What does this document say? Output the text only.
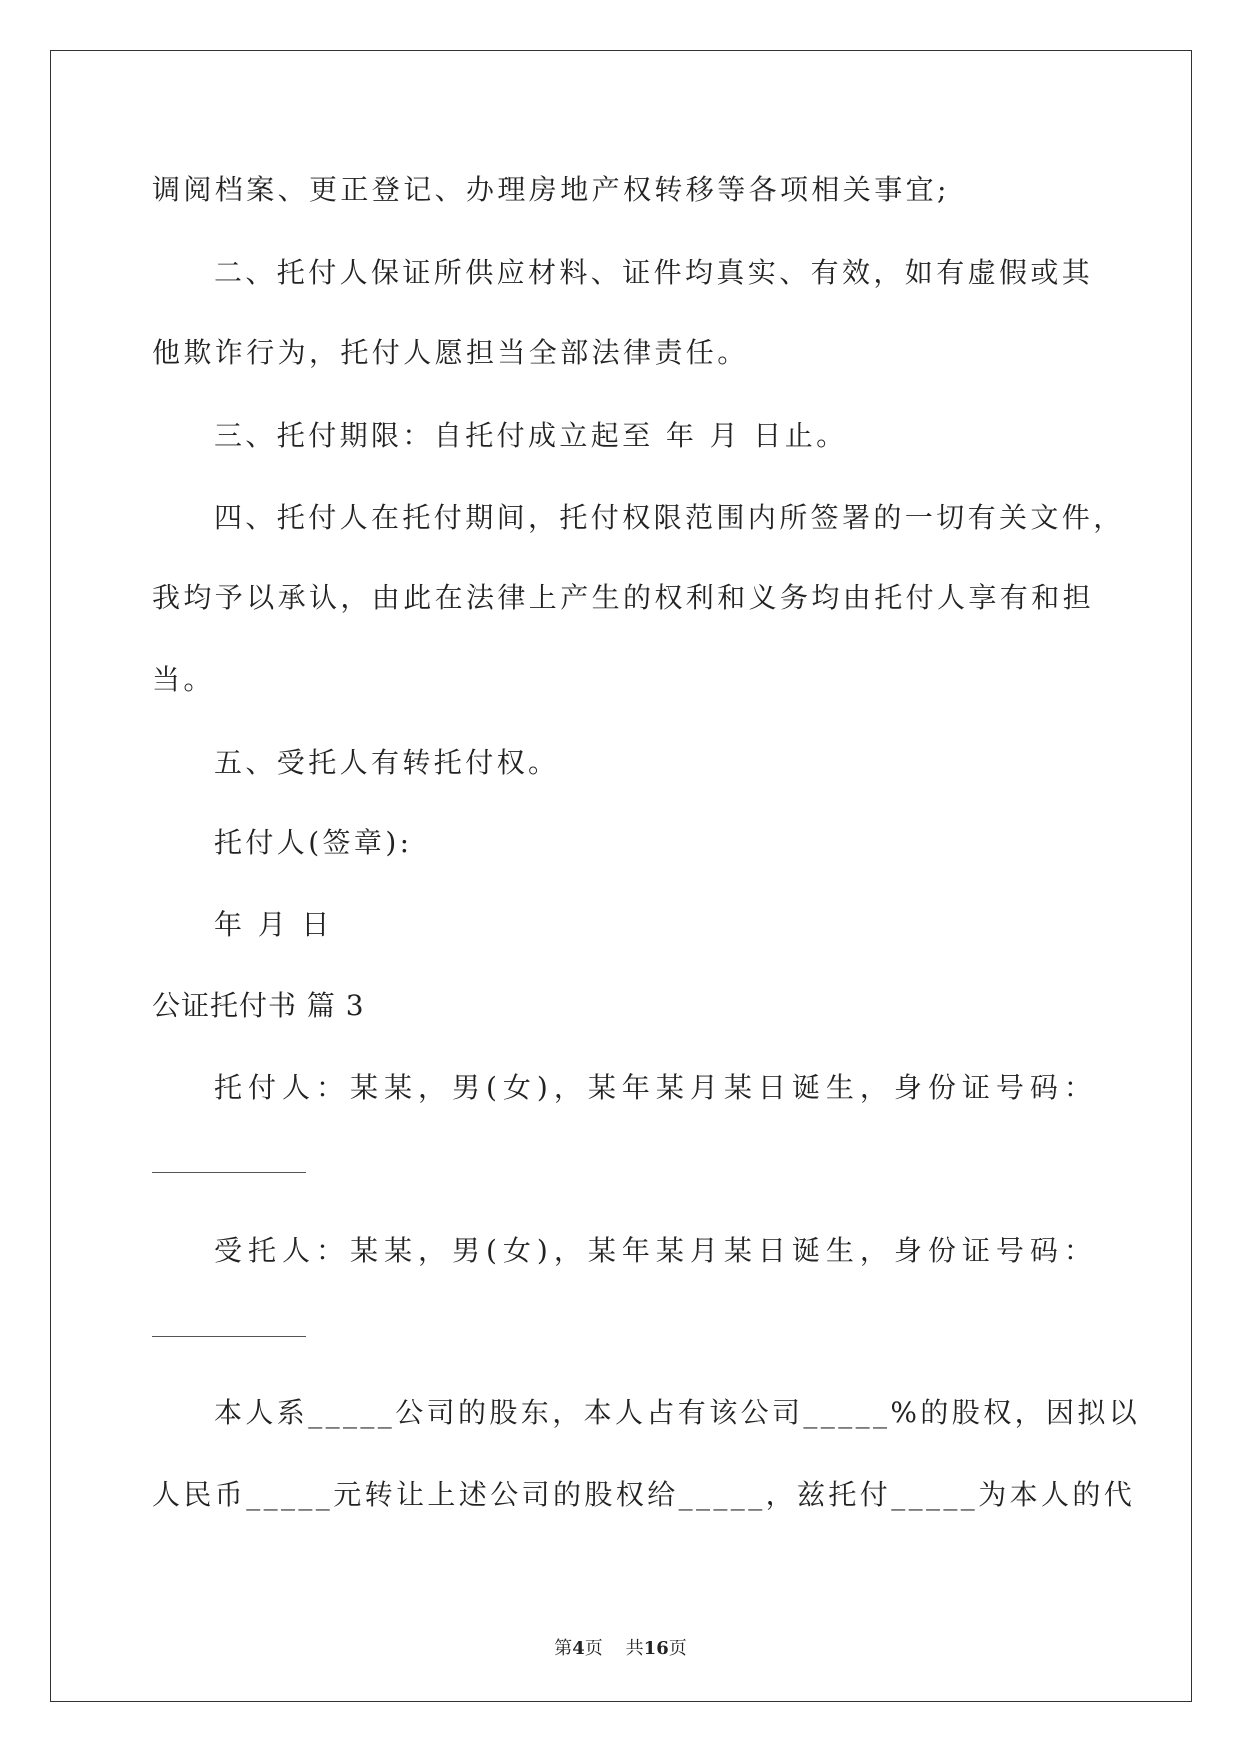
调阅档案、更正登记、办理房地产权转移等各项相关事宜;
二、托付人保证所供应材料、证件均真实、有效，如有虚假或其
他欺诈行为，托付人愿担当全部法律责任。
三、托付期限：自托付成立起至 年 月 日止。
四、托付人在托付期间，托付权限范围内所签署的一切有关文件，
我均予以承认，由此在法律上产生的权利和义务均由托付人享有和担
当。
五、受托人有转托付权。
托付人(签章):
年 月 日
公证托付书 篇 3
托付人：某某，男(女)，某年某月某日诞生，身份证号码：
受托人：某某，男(女)，某年某月某日诞生，身份证号码：
本人系_____公司的股东，本人占有该公司_____%的股权，因拟以
人民币_____元转让上述公司的股权给_____，兹托付_____为本人的代
第4页    共16页
